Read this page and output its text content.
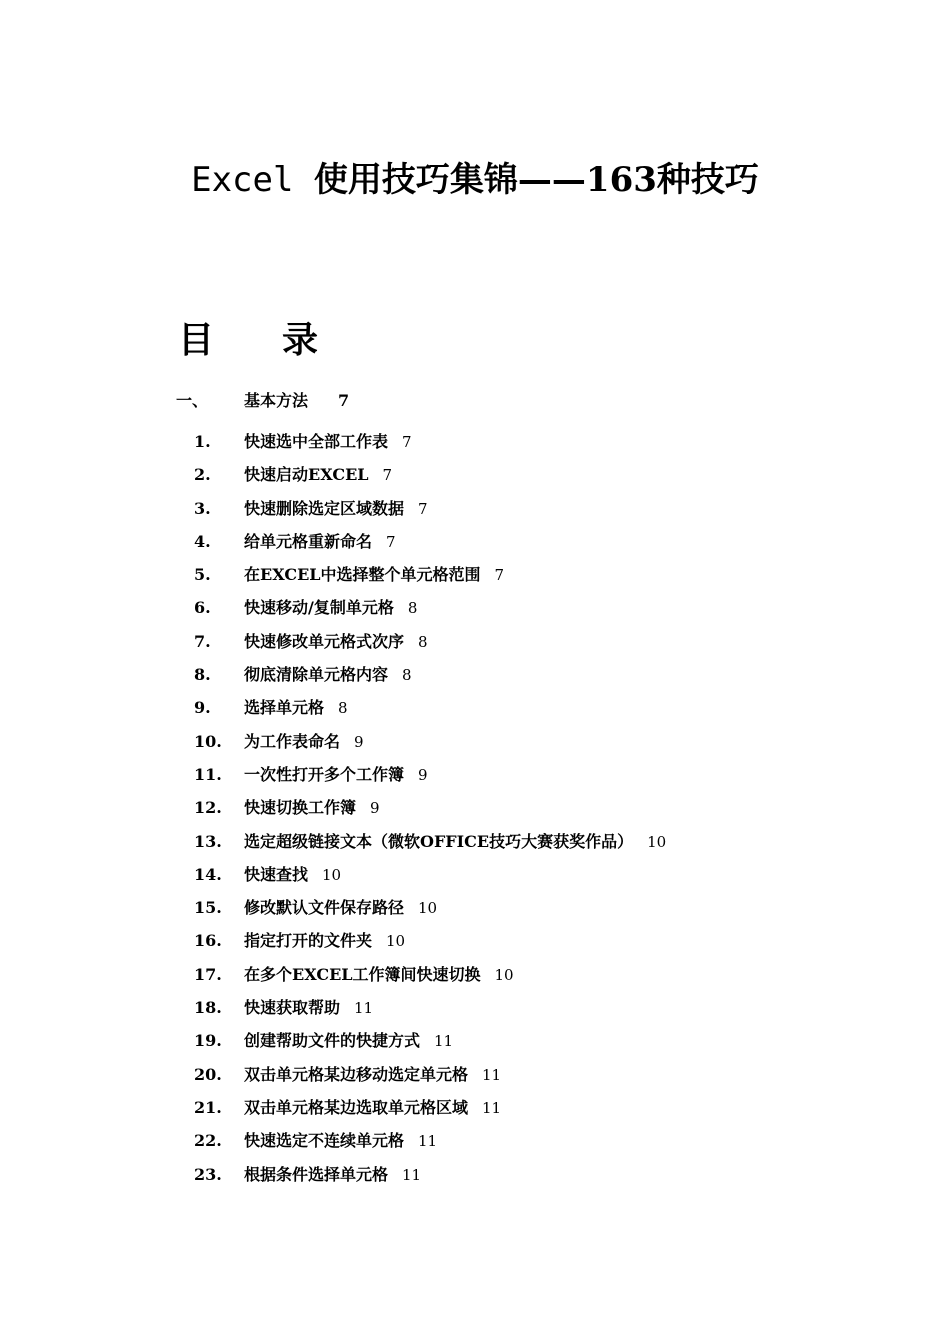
Excel 使用技巧集锦——163种技巧
目录
一、 基本方法 7
1. 快速选中全部工作表 7
2. 快速启动EXCEL 7
3. 快速删除选定区域数据 7
4. 给单元格重新命名 7
5. 在EXCEL中选择整个单元格范围 7
6. 快速移动/复制单元格 8
7. 快速修改单元格式次序 8
8. 彻底清除单元格内容 8
9. 选择单元格 8
10. 为工作表命名 9
11. 一次性打开多个工作簿 9
12. 快速切换工作簿 9
13. 选定超级链接文本（微软OFFICE技巧大赛获奖作品） 10
14. 快速查找 10
15. 修改默认文件保存路径 10
16. 指定打开的文件夹 10
17. 在多个EXCEL工作簿间快速切换 10
18. 快速获取帮助 11
19. 创建帮助文件的快捷方式 11
20. 双击单元格某边移动选定单元格 11
21. 双击单元格某边选取单元格区域 11
22. 快速选定不连续单元格 11
23. 根据条件选择单元格 11
